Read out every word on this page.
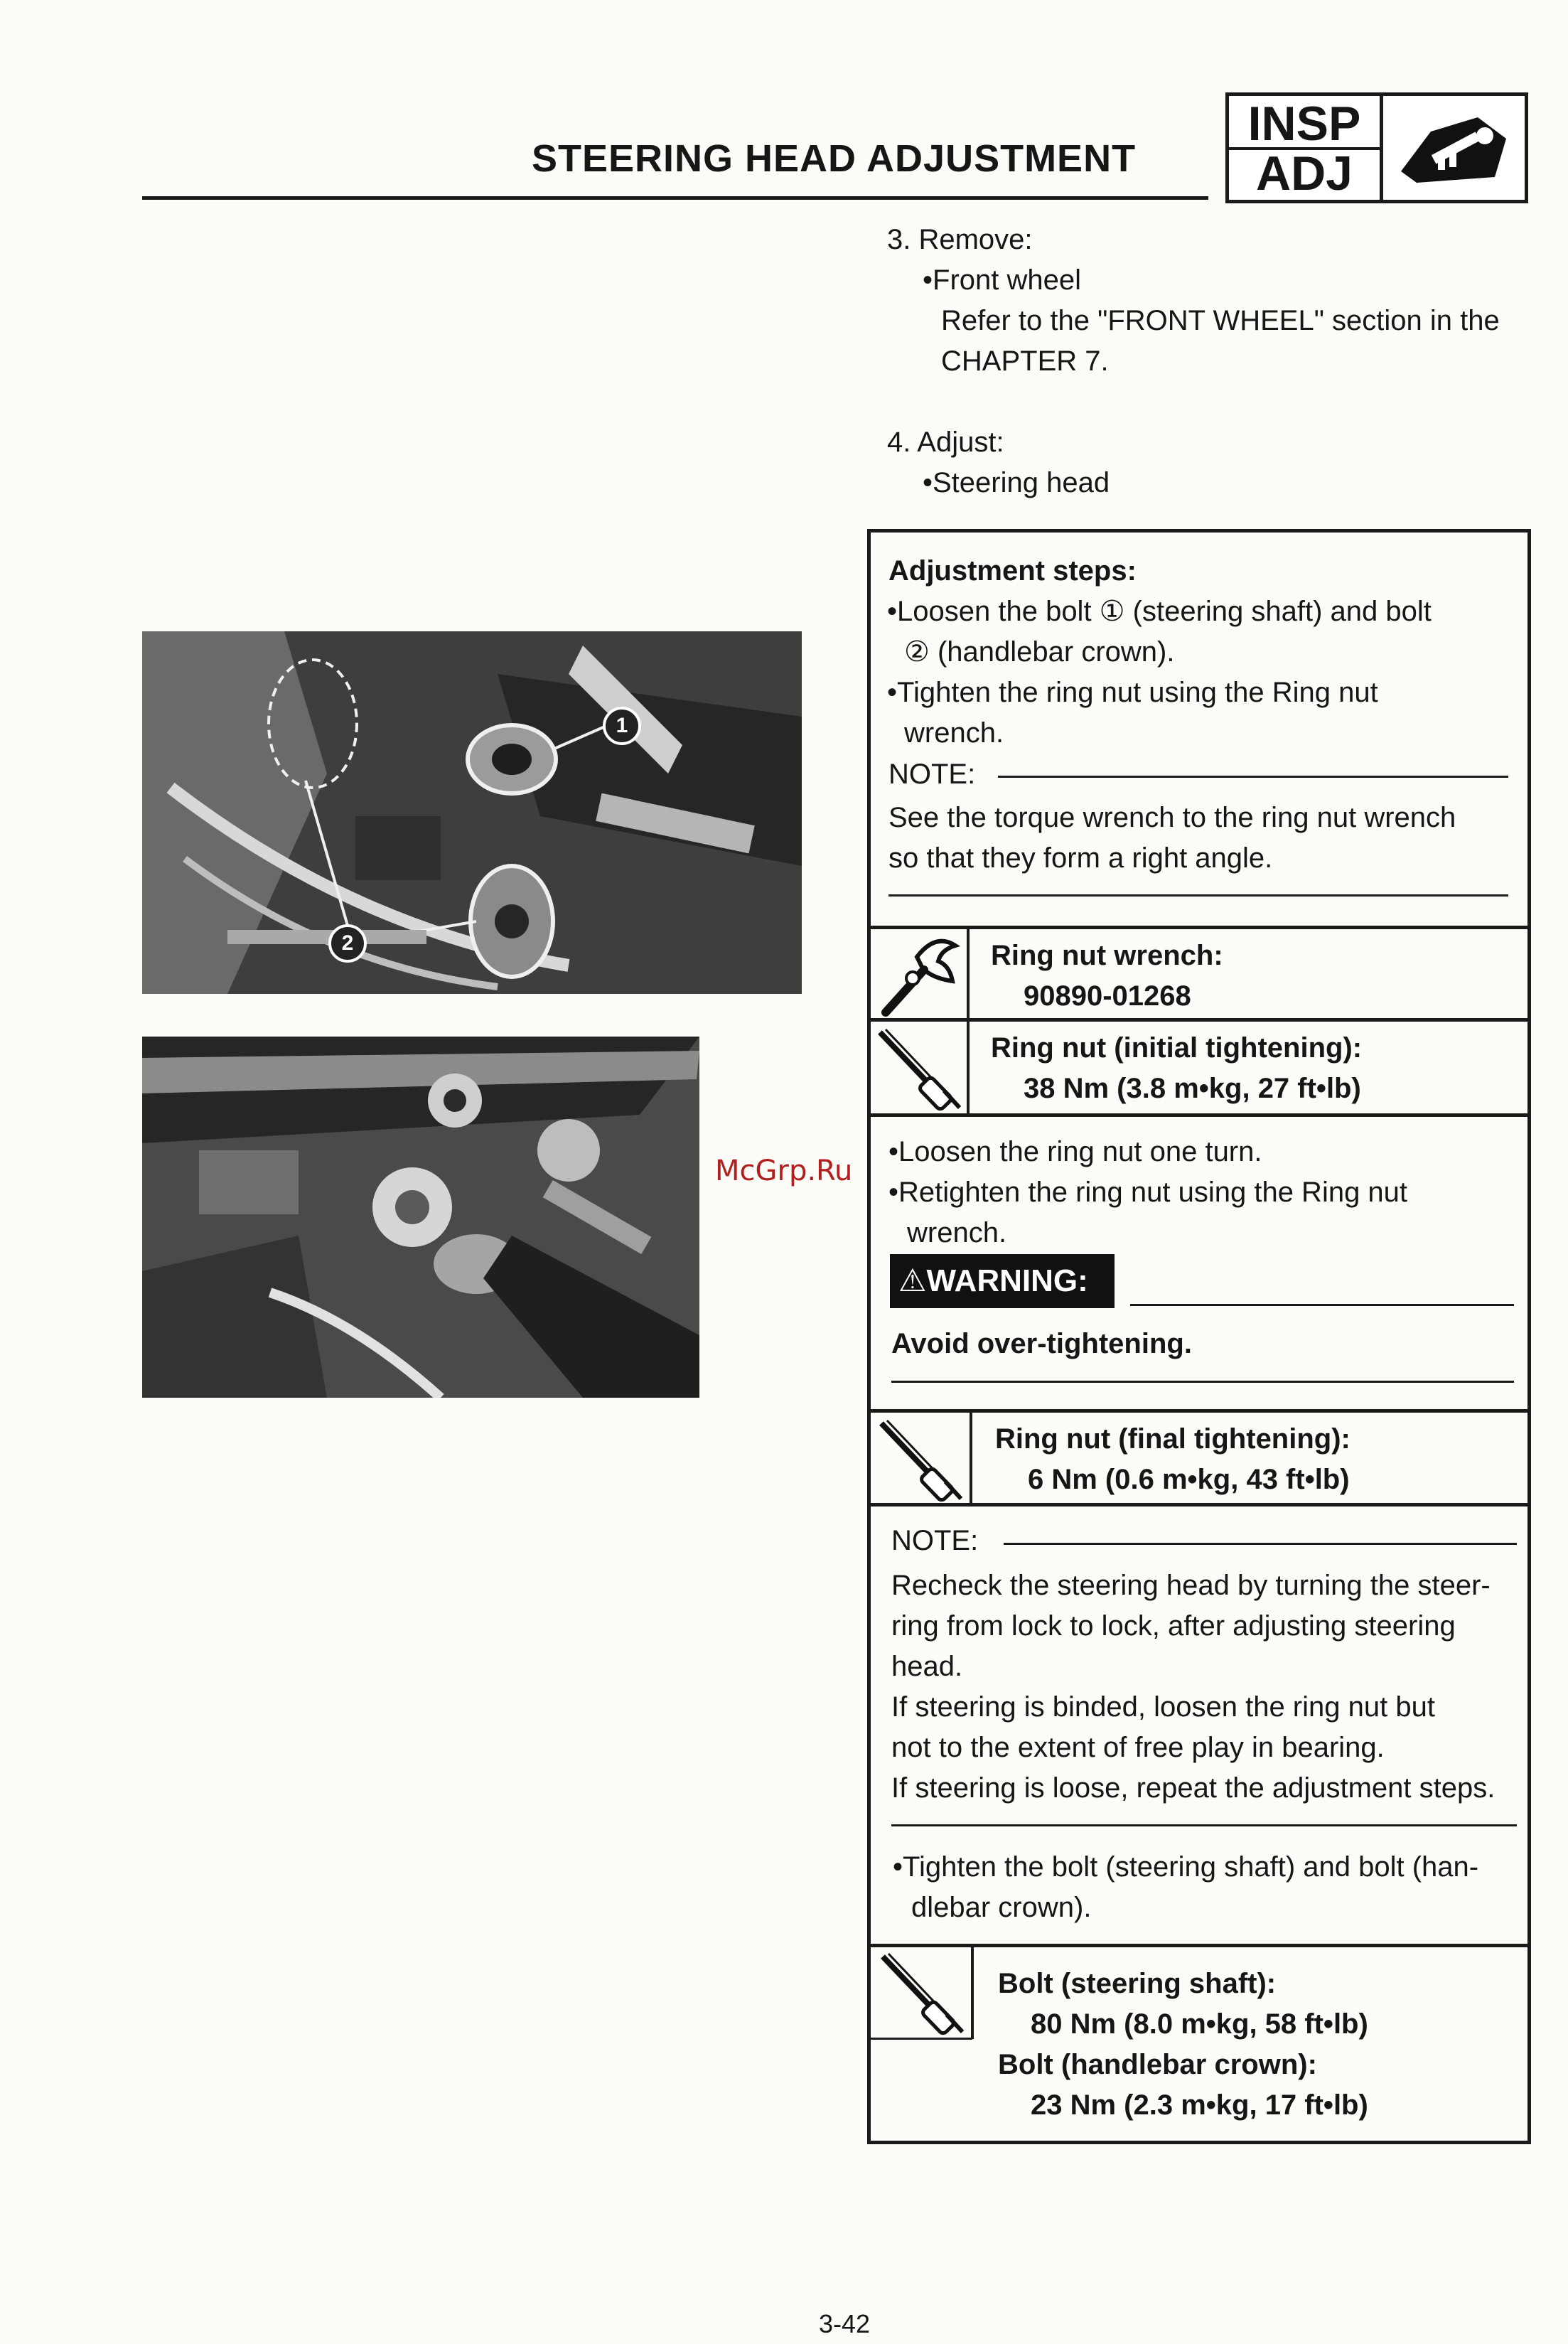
STEERING HEAD ADJUSTMENT
INSP
ADJ
3. Remove:
•Front wheel
Refer to the "FRONT WHEEL" section in the
CHAPTER 7.
4. Adjust:
•Steering head
1
2
McGrp.Ru
Adjustment steps:
•Loosen the bolt ① (steering shaft) and bolt
② (handlebar crown).
•Tighten the ring nut using the Ring nut
wrench.
NOTE:
See the torque wrench to the ring nut wrench
so that they form a right angle.
Ring nut wrench:
90890-01268
Ring nut (initial tightening):
38 Nm (3.8 m•kg, 27 ft•lb)
•Loosen the ring nut one turn.
•Retighten the ring nut using the Ring nut
wrench.
⚠WARNING:
Avoid over-tightening.
Ring nut (final tightening):
6 Nm (0.6 m•kg, 43 ft•lb)
NOTE:
Recheck the steering head by turning the steer-
ring from lock to lock, after adjusting steering
head.
If steering is binded, loosen the ring nut but
not to the extent of free play in bearing.
If steering is loose, repeat the adjustment steps.
•Tighten the bolt (steering shaft) and bolt (han-
dlebar crown).
Bolt (steering shaft):
80 Nm (8.0 m•kg, 58 ft•lb)
Bolt (handlebar crown):
23 Nm (2.3 m•kg, 17 ft•lb)
3-42
